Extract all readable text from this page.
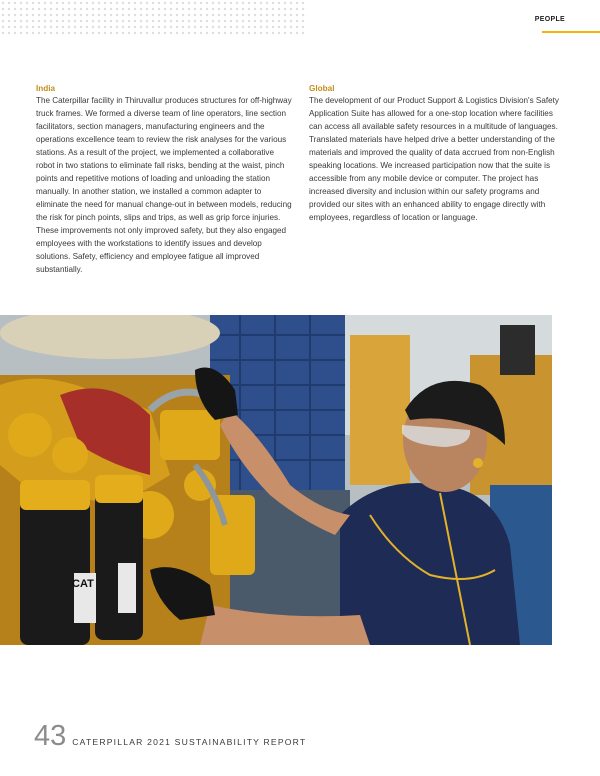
PEOPLE
India

The Caterpillar facility in Thiruvallur produces structures for off-highway truck frames. We formed a diverse team of line operators, line section facilitators, section managers, manufacturing engineers and the operations excellence team to review the risk analyses for the various stations. As a result of the project, we implemented a collaborative robot in two stations to eliminate fall risks, bending at the waist, pinch points and repetitive motions of loading and unloading the station manually. In another station, we installed a common adapter to eliminate the need for manual change-out in between models, reducing the risk for pinch points, slips and trips, as well as grip force injuries. These improvements not only improved safety, but they also engaged employees with the workstations to identify issues and develop solutions. Safety, efficiency and employee fatigue all improved substantially.

Global

The development of our Product Support & Logistics Division's Safety Application Suite has allowed for a one-stop location where facilities can access all available safety resources in a multitude of languages. Translated materials have helped drive a better understanding of the materials and improved the quality of data accrued from non-English speaking locations. We increased participation now that the suite is accessible from any mobile device or computer. The project has increased diversity and inclusion within our safety programs and provided our sites with an enhanced ability to engage directly with employees, regardless of location or language.

CAT
43 CATERPILLAR 2021 SUSTAINABILITY REPORT
